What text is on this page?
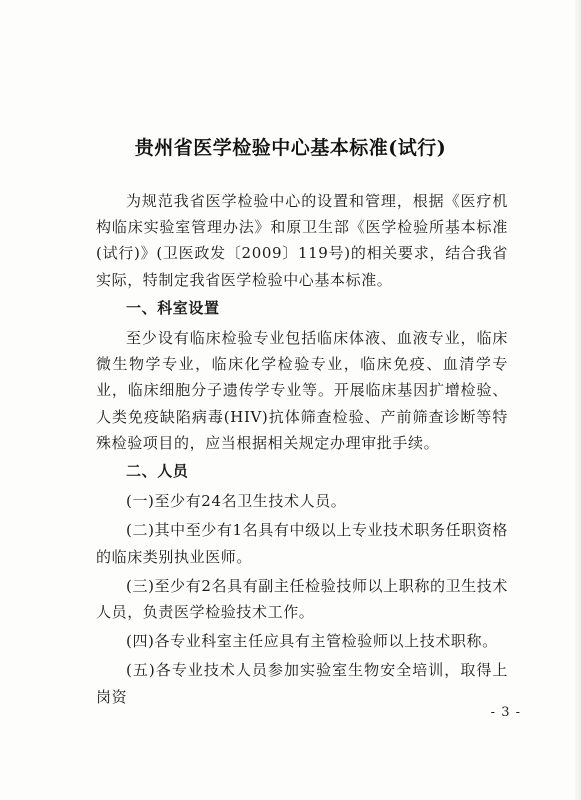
贵州省医学检验中心基本标准(试行)

为规范我省医学检验中心的设置和管理，根据《医疗机构临床实验室管理办法》和原卫生部《医学检验所基本标准(试行)》(卫医政发〔2009〕119号)的相关要求，结合我省实际，特制定我省医学检验中心基本标准。

一、科室设置

至少设有临床检验专业包括临床体液、血液专业，临床微生物学专业，临床化学检验专业，临床免疫、血清学专业，临床细胞分子遗传学专业等。开展临床基因扩增检验、人类免疫缺陷病毒(HIV)抗体筛查检验、产前筛查诊断等特殊检验项目的，应当根据相关规定办理审批手续。

二、人员

(一)至少有24名卫生技术人员。

(二)其中至少有1名具有中级以上专业技术职务任职资格的临床类别执业医师。

(三)至少有2名具有副主任检验技师以上职称的卫生技术人员，负责医学检验技术工作。

(四)各专业科室主任应具有主管检验师以上技术职称。

(五)各专业技术人员参加实验室生物安全培训，取得上岗资

- 3 -
